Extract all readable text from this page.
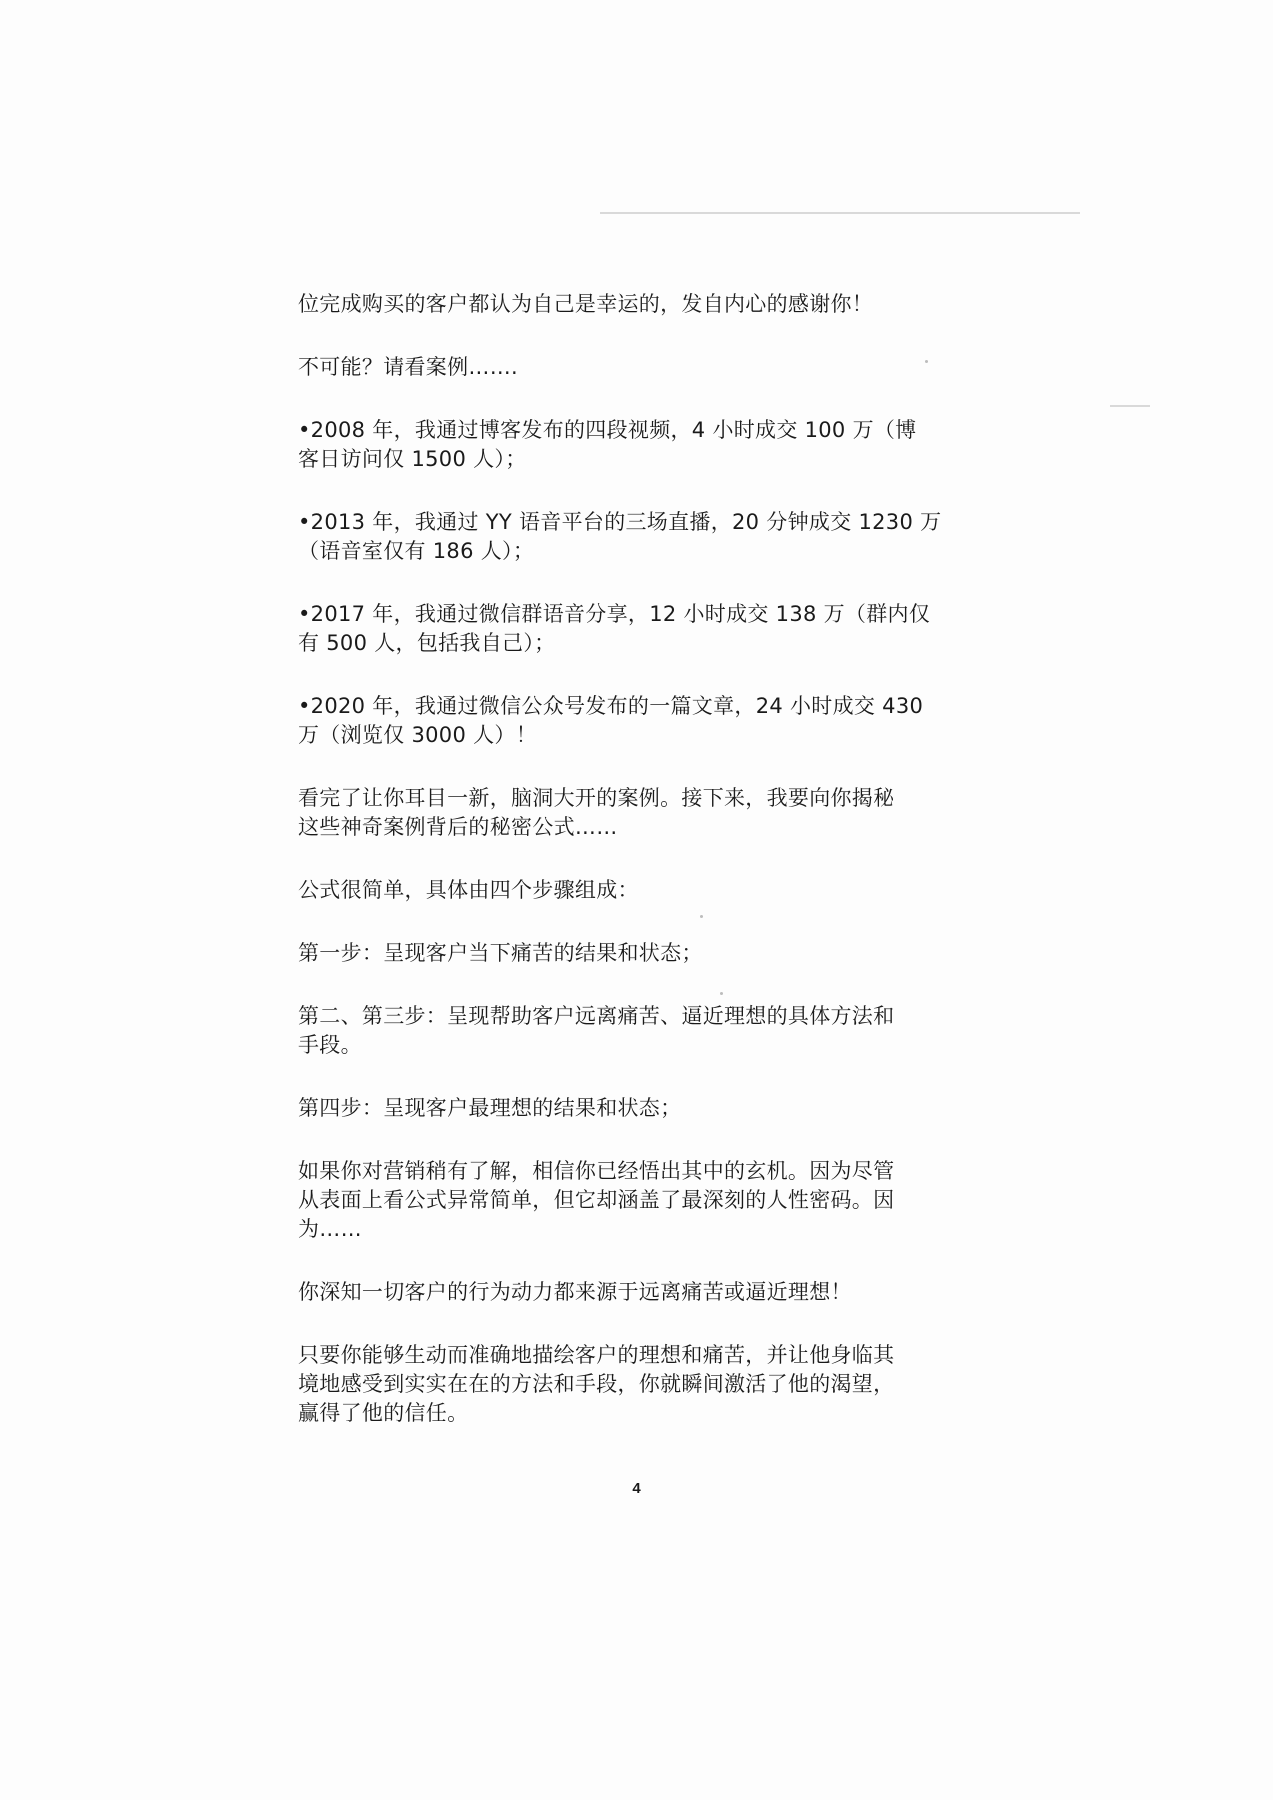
位完成购买的客户都认为自己是幸运的，发自内心的感谢你！

不可能？请看案例…….

•2008 年，我通过博客发布的四段视频，4 小时成交 100 万（博
客日访问仅 1500 人）；

•2013 年，我通过 YY 语音平台的三场直播，20 分钟成交 1230 万
（语音室仅有 186 人）；

•2017 年，我通过微信群语音分享，12 小时成交 138 万（群内仅
有 500 人，包括我自己）；

•2020 年，我通过微信公众号发布的一篇文章，24 小时成交 430
万（浏览仅 3000 人）！

看完了让你耳目一新，脑洞大开的案例。接下来，我要向你揭秘
这些神奇案例背后的秘密公式……

公式很简单，具体由四个步骤组成：

第一步：呈现客户当下痛苦的结果和状态；

第二、第三步：呈现帮助客户远离痛苦、逼近理想的具体方法和
手段。

第四步：呈现客户最理想的结果和状态；

如果你对营销稍有了解，相信你已经悟出其中的玄机。因为尽管
从表面上看公式异常简单，但它却涵盖了最深刻的人性密码。因
为……

你深知一切客户的行为动力都来源于远离痛苦或逼近理想！

只要你能够生动而准确地描绘客户的理想和痛苦，并让他身临其
境地感受到实实在在的方法和手段，你就瞬间激活了他的渴望，
赢得了他的信任。

4
